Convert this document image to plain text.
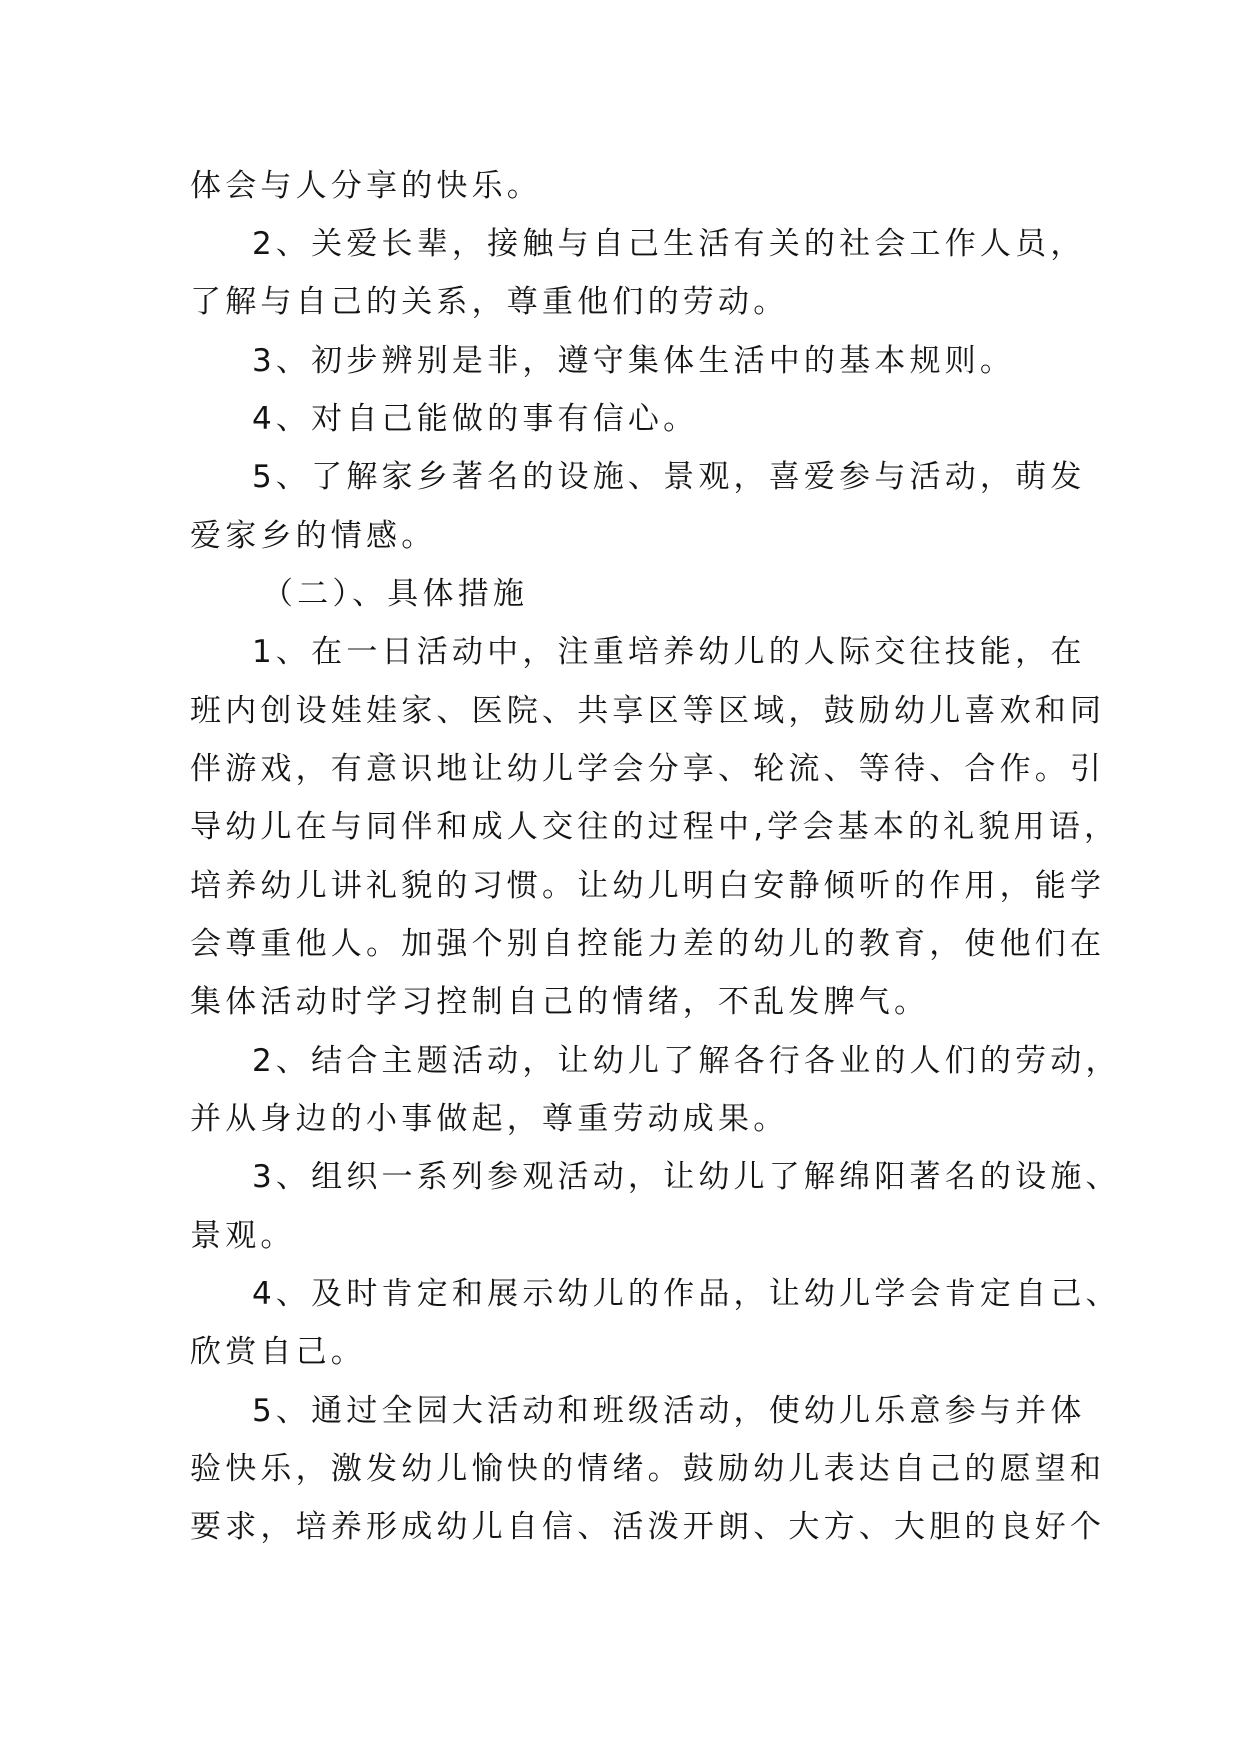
体会与人分享的快乐。
2、关爱长辈，接触与自己生活有关的社会工作人员，
了解与自己的关系，尊重他们的劳动。
3、初步辨别是非，遵守集体生活中的基本规则。
4、对自己能做的事有信心。
5、了解家乡著名的设施、景观，喜爱参与活动，萌发
爱家乡的情感。
（二）、具体措施
1、在一日活动中，注重培养幼儿的人际交往技能，在
班内创设娃娃家、医院、共享区等区域，鼓励幼儿喜欢和同
伴游戏，有意识地让幼儿学会分享、轮流、等待、合作。引
导幼儿在与同伴和成人交往的过程中,学会基本的礼貌用语，
培养幼儿讲礼貌的习惯。让幼儿明白安静倾听的作用，能学
会尊重他人。加强个别自控能力差的幼儿的教育，使他们在
集体活动时学习控制自己的情绪，不乱发脾气。
2、结合主题活动，让幼儿了解各行各业的人们的劳动，
并从身边的小事做起，尊重劳动成果。
3、组织一系列参观活动，让幼儿了解绵阳著名的设施、
景观。
4、及时肯定和展示幼儿的作品，让幼儿学会肯定自己、
欣赏自己。
5、通过全园大活动和班级活动，使幼儿乐意参与并体
验快乐，激发幼儿愉快的情绪。鼓励幼儿表达自己的愿望和
要求，培养形成幼儿自信、活泼开朗、大方、大胆的良好个
